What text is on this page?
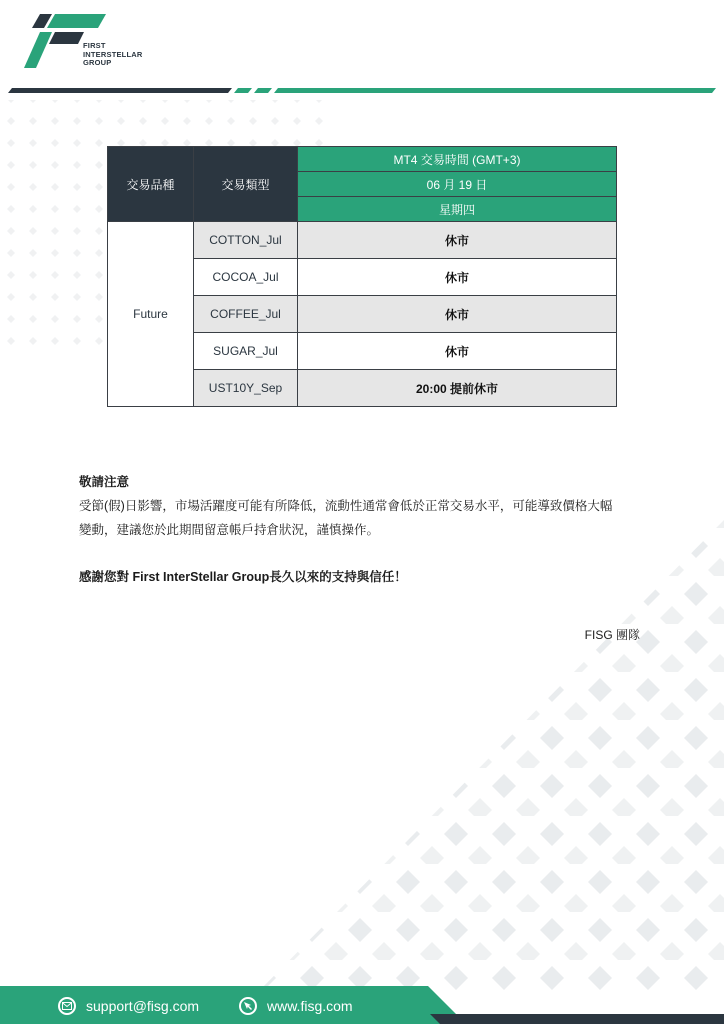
FIRST
INTERSTELLAR
GROUP
交易品種	交易類型	MT4 交易時間 (GMT+3)
		06 月 19 日
		星期四
Future	COTTON_Jul	休市
	COCOA_Jul	休市
	COFFEE_Jul	休市
	SUGAR_Jul	休市
	UST10Y_Sep	20:00 提前休市
敬請注意
受節(假)日影響，市場活躍度可能有所降低，流動性通常會低於正常交易水平，可能導致價格大幅
變動，建議您於此期間留意帳戶持倉狀況，謹慎操作。
感謝您對 First InterStellar Group長久以來的支持與信任！
FISG 團隊
support@fisg.com	www.fisg.com
